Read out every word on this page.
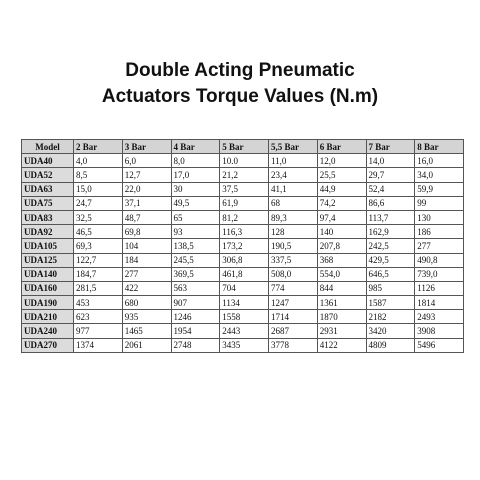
Double Acting Pneumatic
Actuators Torque Values (N.m)
Model	2 Bar	3 Bar	4 Bar	5 Bar	5,5 Bar	6 Bar	7 Bar	8 Bar
UDA40	4,0	6,0	8,0	10.0	11,0	12,0	14,0	16,0
UDA52	8,5	12,7	17,0	21,2	23,4	25,5	29,7	34,0
UDA63	15,0	22,0	30	37,5	41,1	44,9	52,4	59,9
UDA75	24,7	37,1	49,5	61,9	68	74,2	86,6	99
UDA83	32,5	48,7	65	81,2	89,3	97,4	113,7	130
UDA92	46,5	69,8	93	116,3	128	140	162,9	186
UDA105	69,3	104	138,5	173,2	190,5	207,8	242,5	277
UDA125	122,7	184	245,5	306,8	337,5	368	429,5	490,8
UDA140	184,7	277	369,5	461,8	508,0	554,0	646,5	739,0
UDA160	281,5	422	563	704	774	844	985	1126
UDA190	453	680	907	1134	1247	1361	1587	1814
UDA210	623	935	1246	1558	1714	1870	2182	2493
UDA240	977	1465	1954	2443	2687	2931	3420	3908
UDA270	1374	2061	2748	3435	3778	4122	4809	5496
